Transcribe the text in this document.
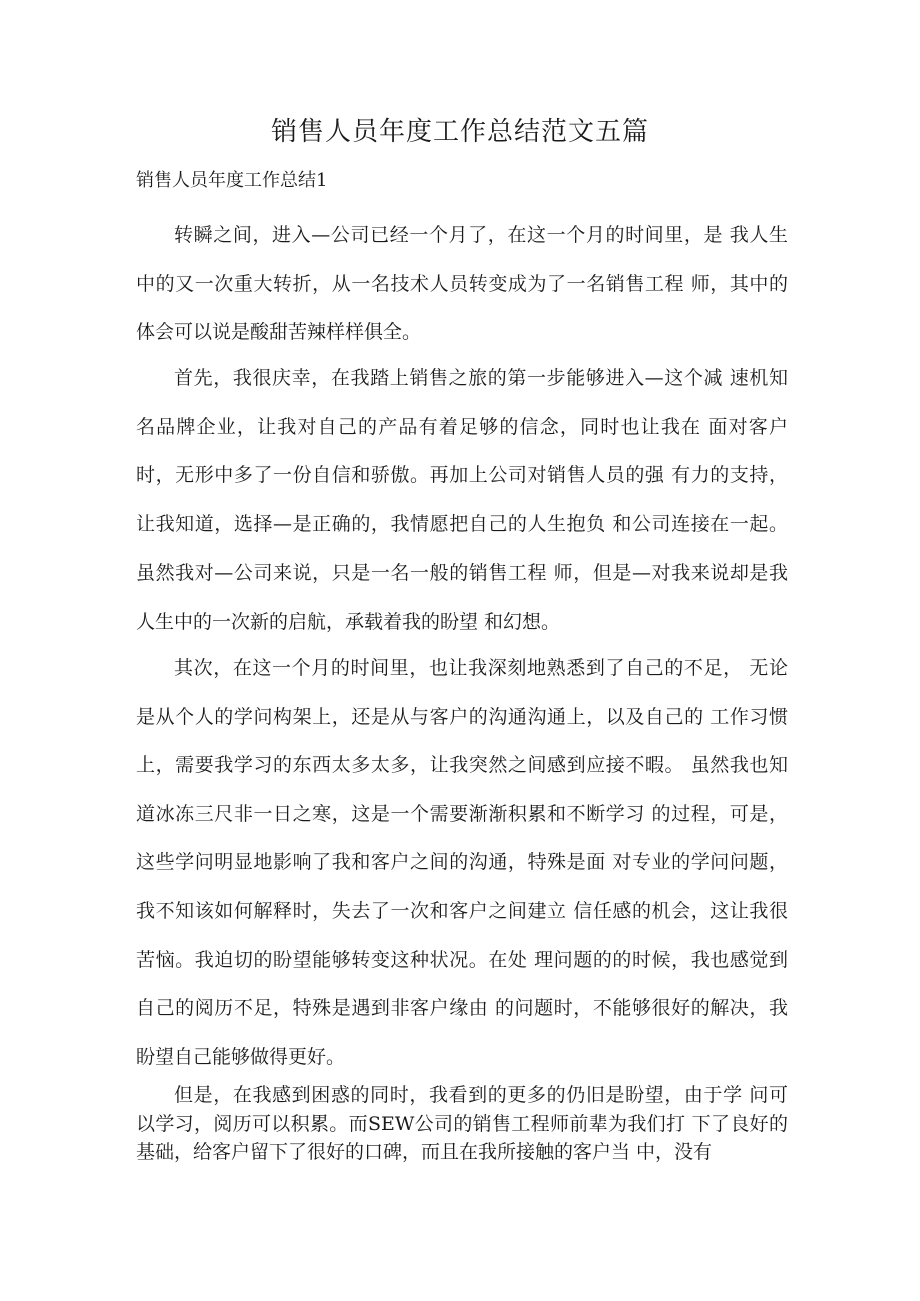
销售人员年度工作总结范文五篇

销售人员年度工作总结1

转瞬之间，进入—公司已经一个月了，在这一个月的时间里，是 我人生中的又一次重大转折，从一名技术人员转变成为了一名销售工程 师，其中的体会可以说是酸甜苦辣样样俱全。

首先，我很庆幸，在我踏上销售之旅的第一步能够进入—这个减 速机知名品牌企业，让我对自己的产品有着足够的信念，同时也让我在 面对客户时，无形中多了一份自信和骄傲。再加上公司对销售人员的强 有力的支持，让我知道，选择—是正确的，我情愿把自己的人生抱负 和公司连接在一起。虽然我对—公司来说，只是一名一般的销售工程 师，但是—对我来说却是我人生中的一次新的启航，承载着我的盼望 和幻想。

其次，在这一个月的时间里，也让我深刻地熟悉到了自己的不足， 无论是从个人的学问构架上，还是从与客户的沟通沟通上，以及自己的 工作习惯上，需要我学习的东西太多太多，让我突然之间感到应接不暇。 虽然我也知道冰冻三尺非一日之寒，这是一个需要渐渐积累和不断学习 的过程，可是，这些学问明显地影响了我和客户之间的沟通，特殊是面 对专业的学问问题，我不知该如何解释时，失去了一次和客户之间建立 信任感的机会，这让我很苦恼。我迫切的盼望能够转变这种状况。在处 理问题的的时候，我也感觉到自己的阅历不足，特殊是遇到非客户缘由 的问题时，不能够很好的解决，我盼望自己能够做得更好。

但是，在我感到困惑的同时，我看到的更多的仍旧是盼望，由于学 问可以学习，阅历可以积累。而SEW公司的销售工程师前辈为我们打 下了良好的基础，给客户留下了很好的口碑，而且在我所接触的客户当 中，没有
